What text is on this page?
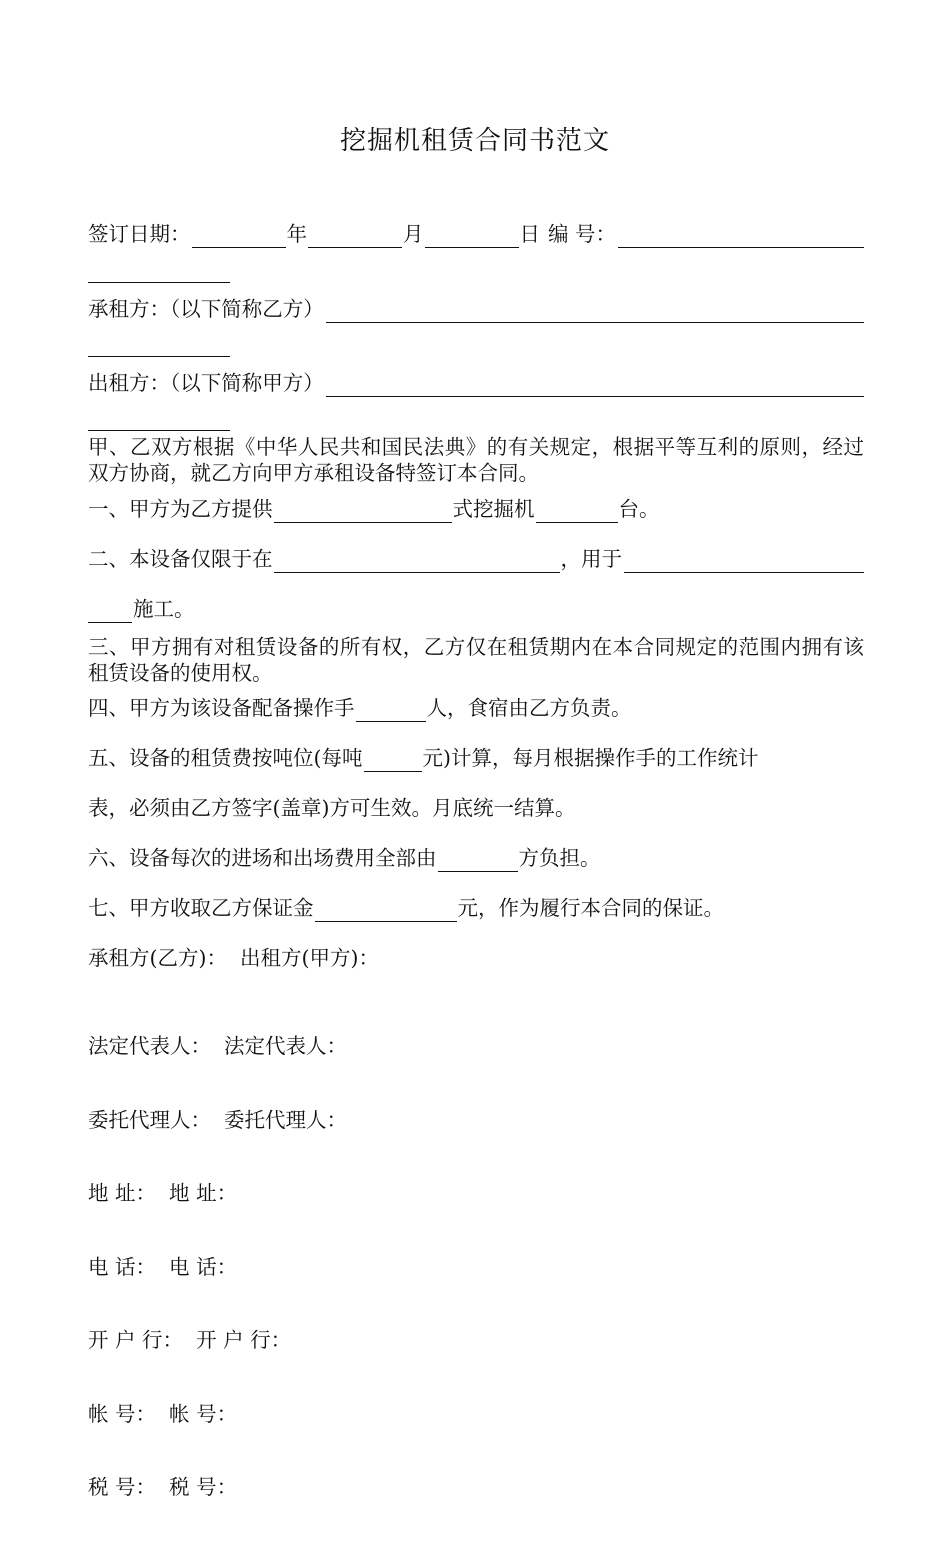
挖掘机租赁合同书范文
签订日期：	年	月	日 编 号：
承租方：（以下简称乙方）
出租方：（以下简称甲方）
甲、乙双方根据《中华人民共和国民法典》的有关规定，根据平等互利的原则，经过双方协商，就乙方向甲方承租设备特签订本合同。
一、甲方为乙方提供	式挖掘机	台。
二、本设备仅限于在	，用于
施工。
三、甲方拥有对租赁设备的所有权，乙方仅在租赁期内在本合同规定的范围内拥有该租赁设备的使用权。
四、甲方为该设备配备操作手	人，食宿由乙方负责。
五、设备的租赁费按吨位(每吨	元)计算，每月根据操作手的工作统计
表，必须由乙方签字(盖章)方可生效。月底统一结算。
六、设备每次的进场和出场费用全部由	方负担。
七、甲方收取乙方保证金	元，作为履行本合同的保证。
承租方(乙方)：  出租方(甲方)：

法定代表人：  法定代表人：

委托代理人：  委托代理人：

地 址：  地 址：

电 话：  电 话：

开 户 行：  开 户 行：

帐 号：  帐 号：

税 号：  税 号：
